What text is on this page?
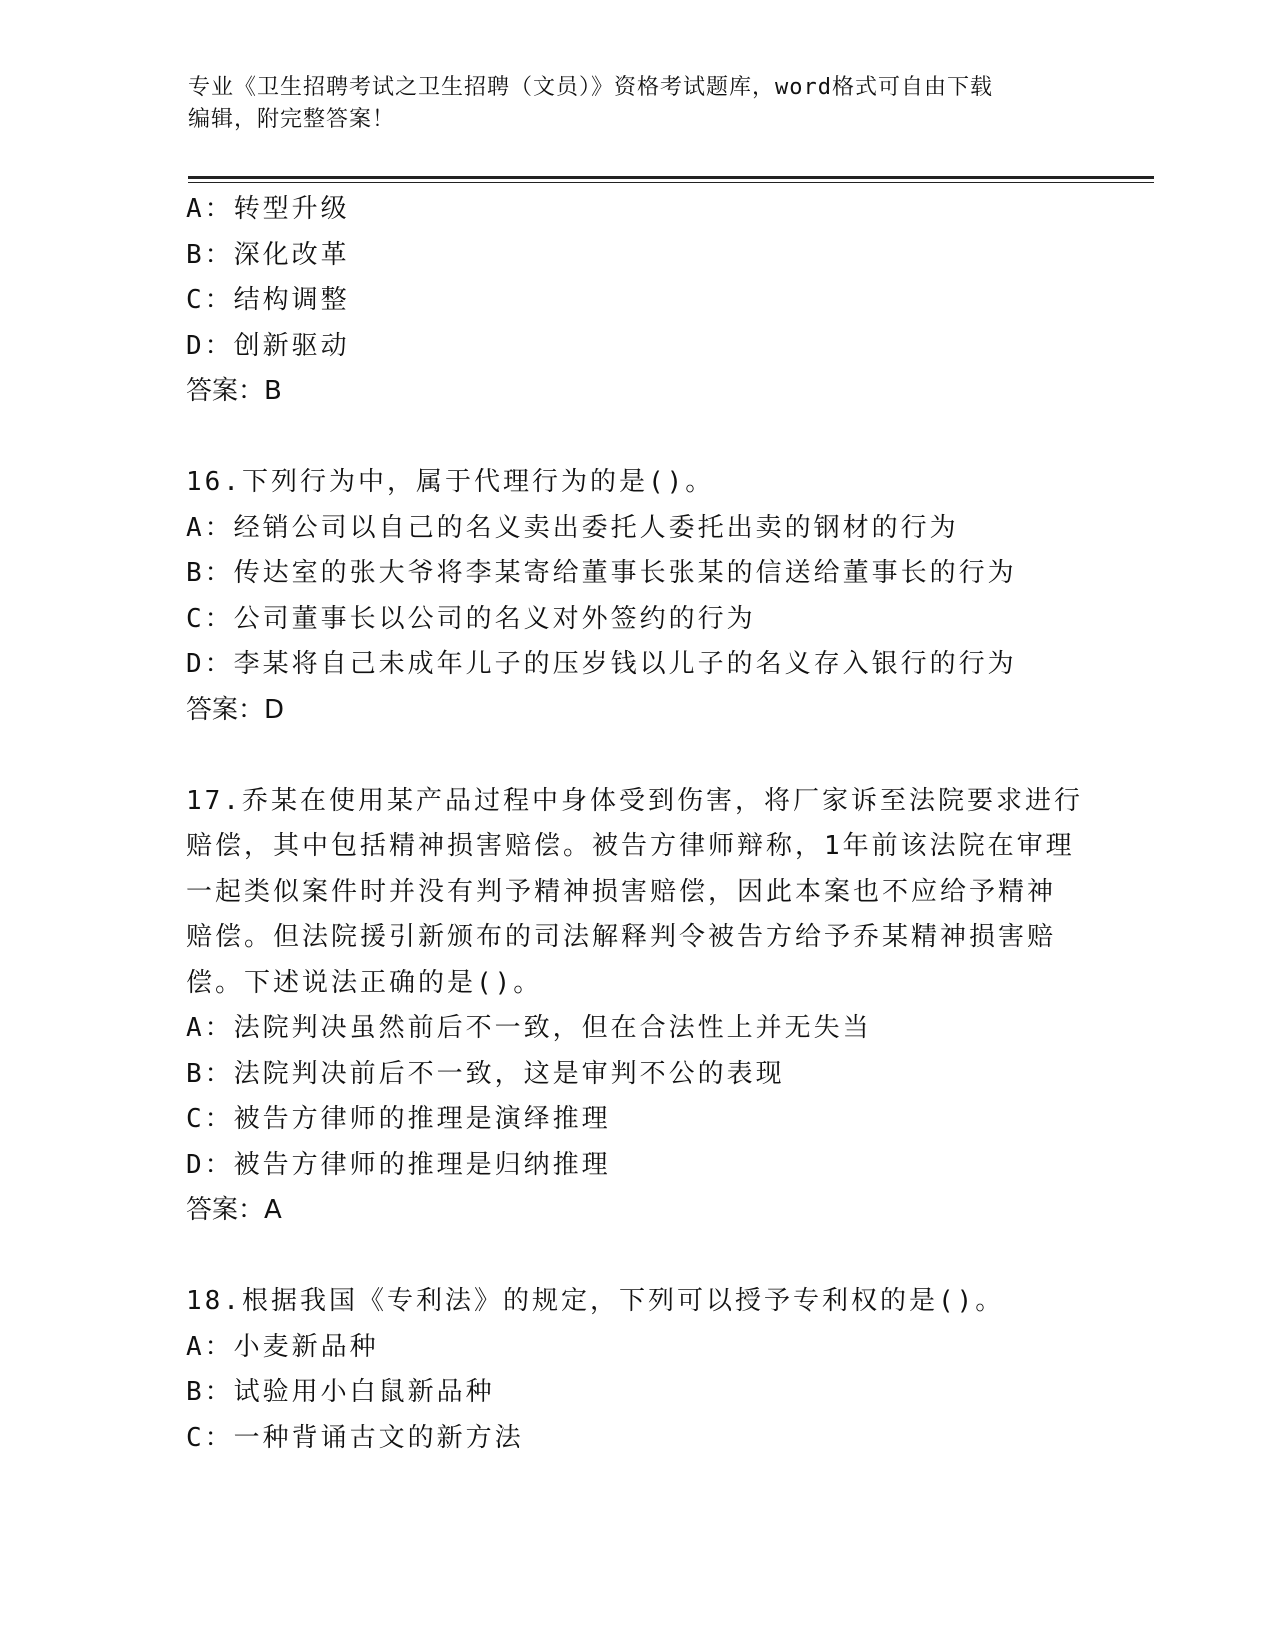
专业《卫生招聘考试之卫生招聘（文员）》资格考试题库，word格式可自由下载
编辑，附完整答案！
A：转型升级
B：深化改革
C：结构调整
D：创新驱动
答案：B
16.下列行为中，属于代理行为的是()。
A：经销公司以自己的名义卖出委托人委托出卖的钢材的行为
B：传达室的张大爷将李某寄给董事长张某的信送给董事长的行为
C：公司董事长以公司的名义对外签约的行为
D：李某将自己未成年儿子的压岁钱以儿子的名义存入银行的行为
答案：D
17.乔某在使用某产品过程中身体受到伤害，将厂家诉至法院要求进行
赔偿，其中包括精神损害赔偿。被告方律师辩称，1年前该法院在审理
一起类似案件时并没有判予精神损害赔偿，因此本案也不应给予精神
赔偿。但法院援引新颁布的司法解释判令被告方给予乔某精神损害赔
偿。下述说法正确的是()。
A：法院判决虽然前后不一致，但在合法性上并无失当
B：法院判决前后不一致，这是审判不公的表现
C：被告方律师的推理是演绎推理
D：被告方律师的推理是归纳推理
答案：A
18.根据我国《专利法》的规定，下列可以授予专利权的是()。
A：小麦新品种
B：试验用小白鼠新品种
C：一种背诵古文的新方法
